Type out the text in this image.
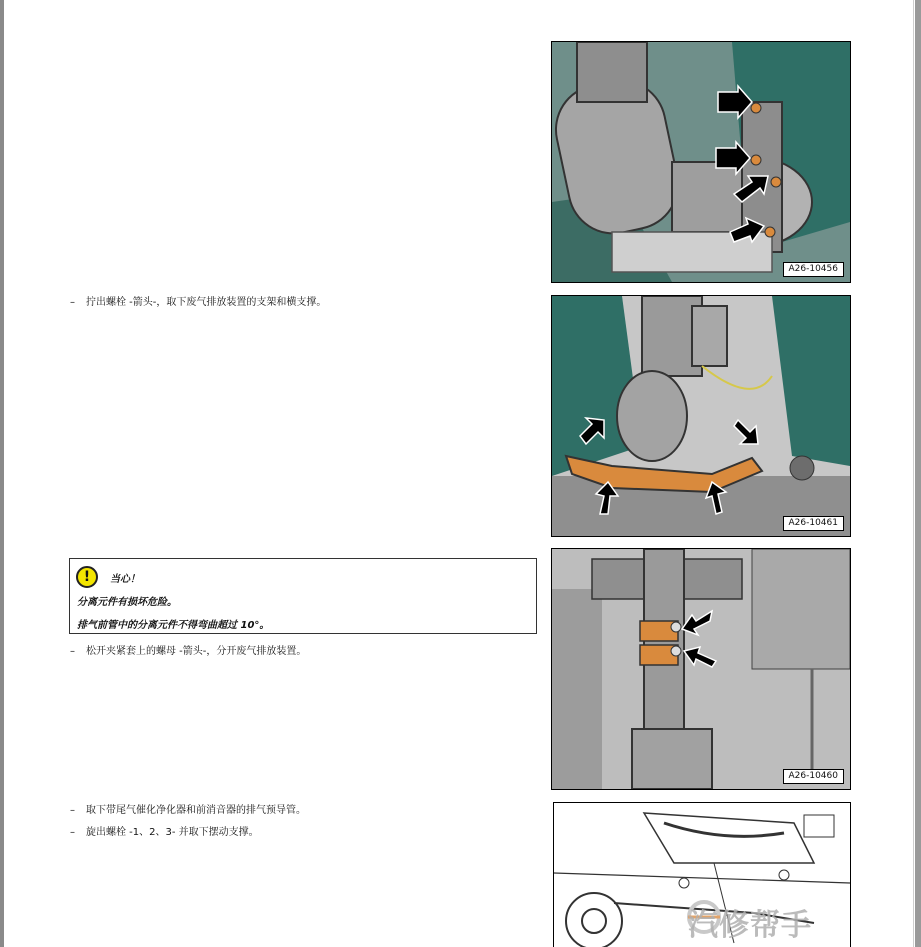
– 拧出螺栓 -箭头-，取下废气排放装置的支架和横支撑。
!	当心！
分离元件有损坏危险。
排气前管中的分离元件不得弯曲超过 10°。
– 松开夹紧套上的螺母 -箭头-，分开废气排放装置。
– 取下带尾气催化净化器和前消音器的排气预导管。
– 旋出螺栓 -1、2、3- 并取下摆动支撑。
A26-10456
A26-10461
A26-10460
汽修帮手
